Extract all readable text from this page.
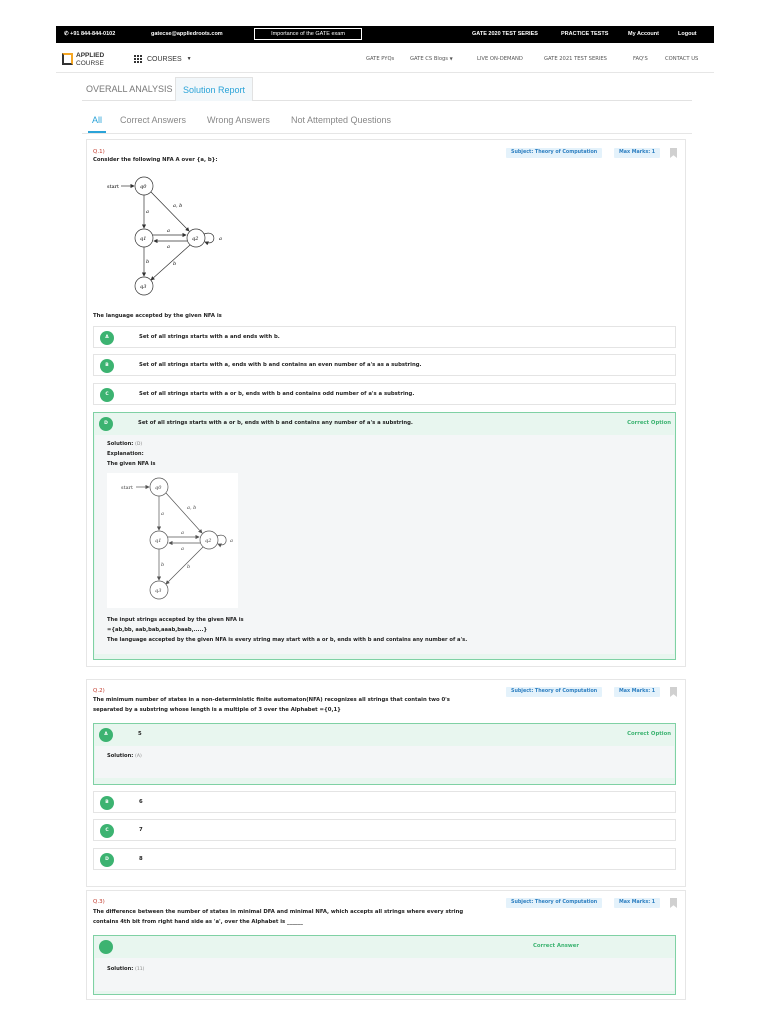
✆ +91 844-844-0102	gatecse@appliedroots.com	Importance of the GATE exam	GATE 2020 TEST SERIES	PRACTICE TESTS	My Account	Logout
APPLIED
COURSE
COURSES ▼	GATE PYQs	GATE CS Blogs ▼	LIVE ON-DEMAND	GATE 2021 TEST SERIES	FAQ'S	CONTACT US
OVERALL ANALYSIS	Solution Report
All	Correct Answers Wrong Answers Not Attempted Questions
Q.1)	Subject: Theory of Computation	Max Marks: 1
Consider the following NFA A over {a, b}:
start	q0
q1	q2
q3
a
a, b
a
a
a
b	b
The language accepted by the given NFA is
A	Set of all strings starts with a and ends with b.
B	Set of all strings starts with a, ends with b and contains an even number of a's as a substring.
C	Set of all strings starts with a or b, ends with b and contains odd number of a's a substring.
D	Set of all strings starts with a or b, ends with b and contains any number of a's a substring.	Correct Option
Solution: (D)
Explanation:
The given NFA is
start	q0
q1	q2
q3
a
a, b
a
a
a
b	b
The input strings accepted by the given NFA is
={ab,bb, aab,bab,aaab,baab,.....}
The language accepted by the given NFA is every string may start with a or b, ends with b and contains any number of a's.
Q.2)	Subject: Theory of Computation	Max Marks: 1
The minimum number of states in a non-deterministic finite automaton(NFA) recognizes all strings that contain two 0's
separated by a substring whose length is a multiple of 3 over the Alphabet ={0,1}
A	5	Correct Option
Solution: (A)
B	6
C	7
D	8
Q.3)	Subject: Theory of Computation	Max Marks: 1
The difference between the number of states in minimal DFA and minimal NFA, which accepts all strings where every string
contains 4th bit from right hand side as 'a', over the Alphabet is ______
Correct Answer
Solution: (11)
